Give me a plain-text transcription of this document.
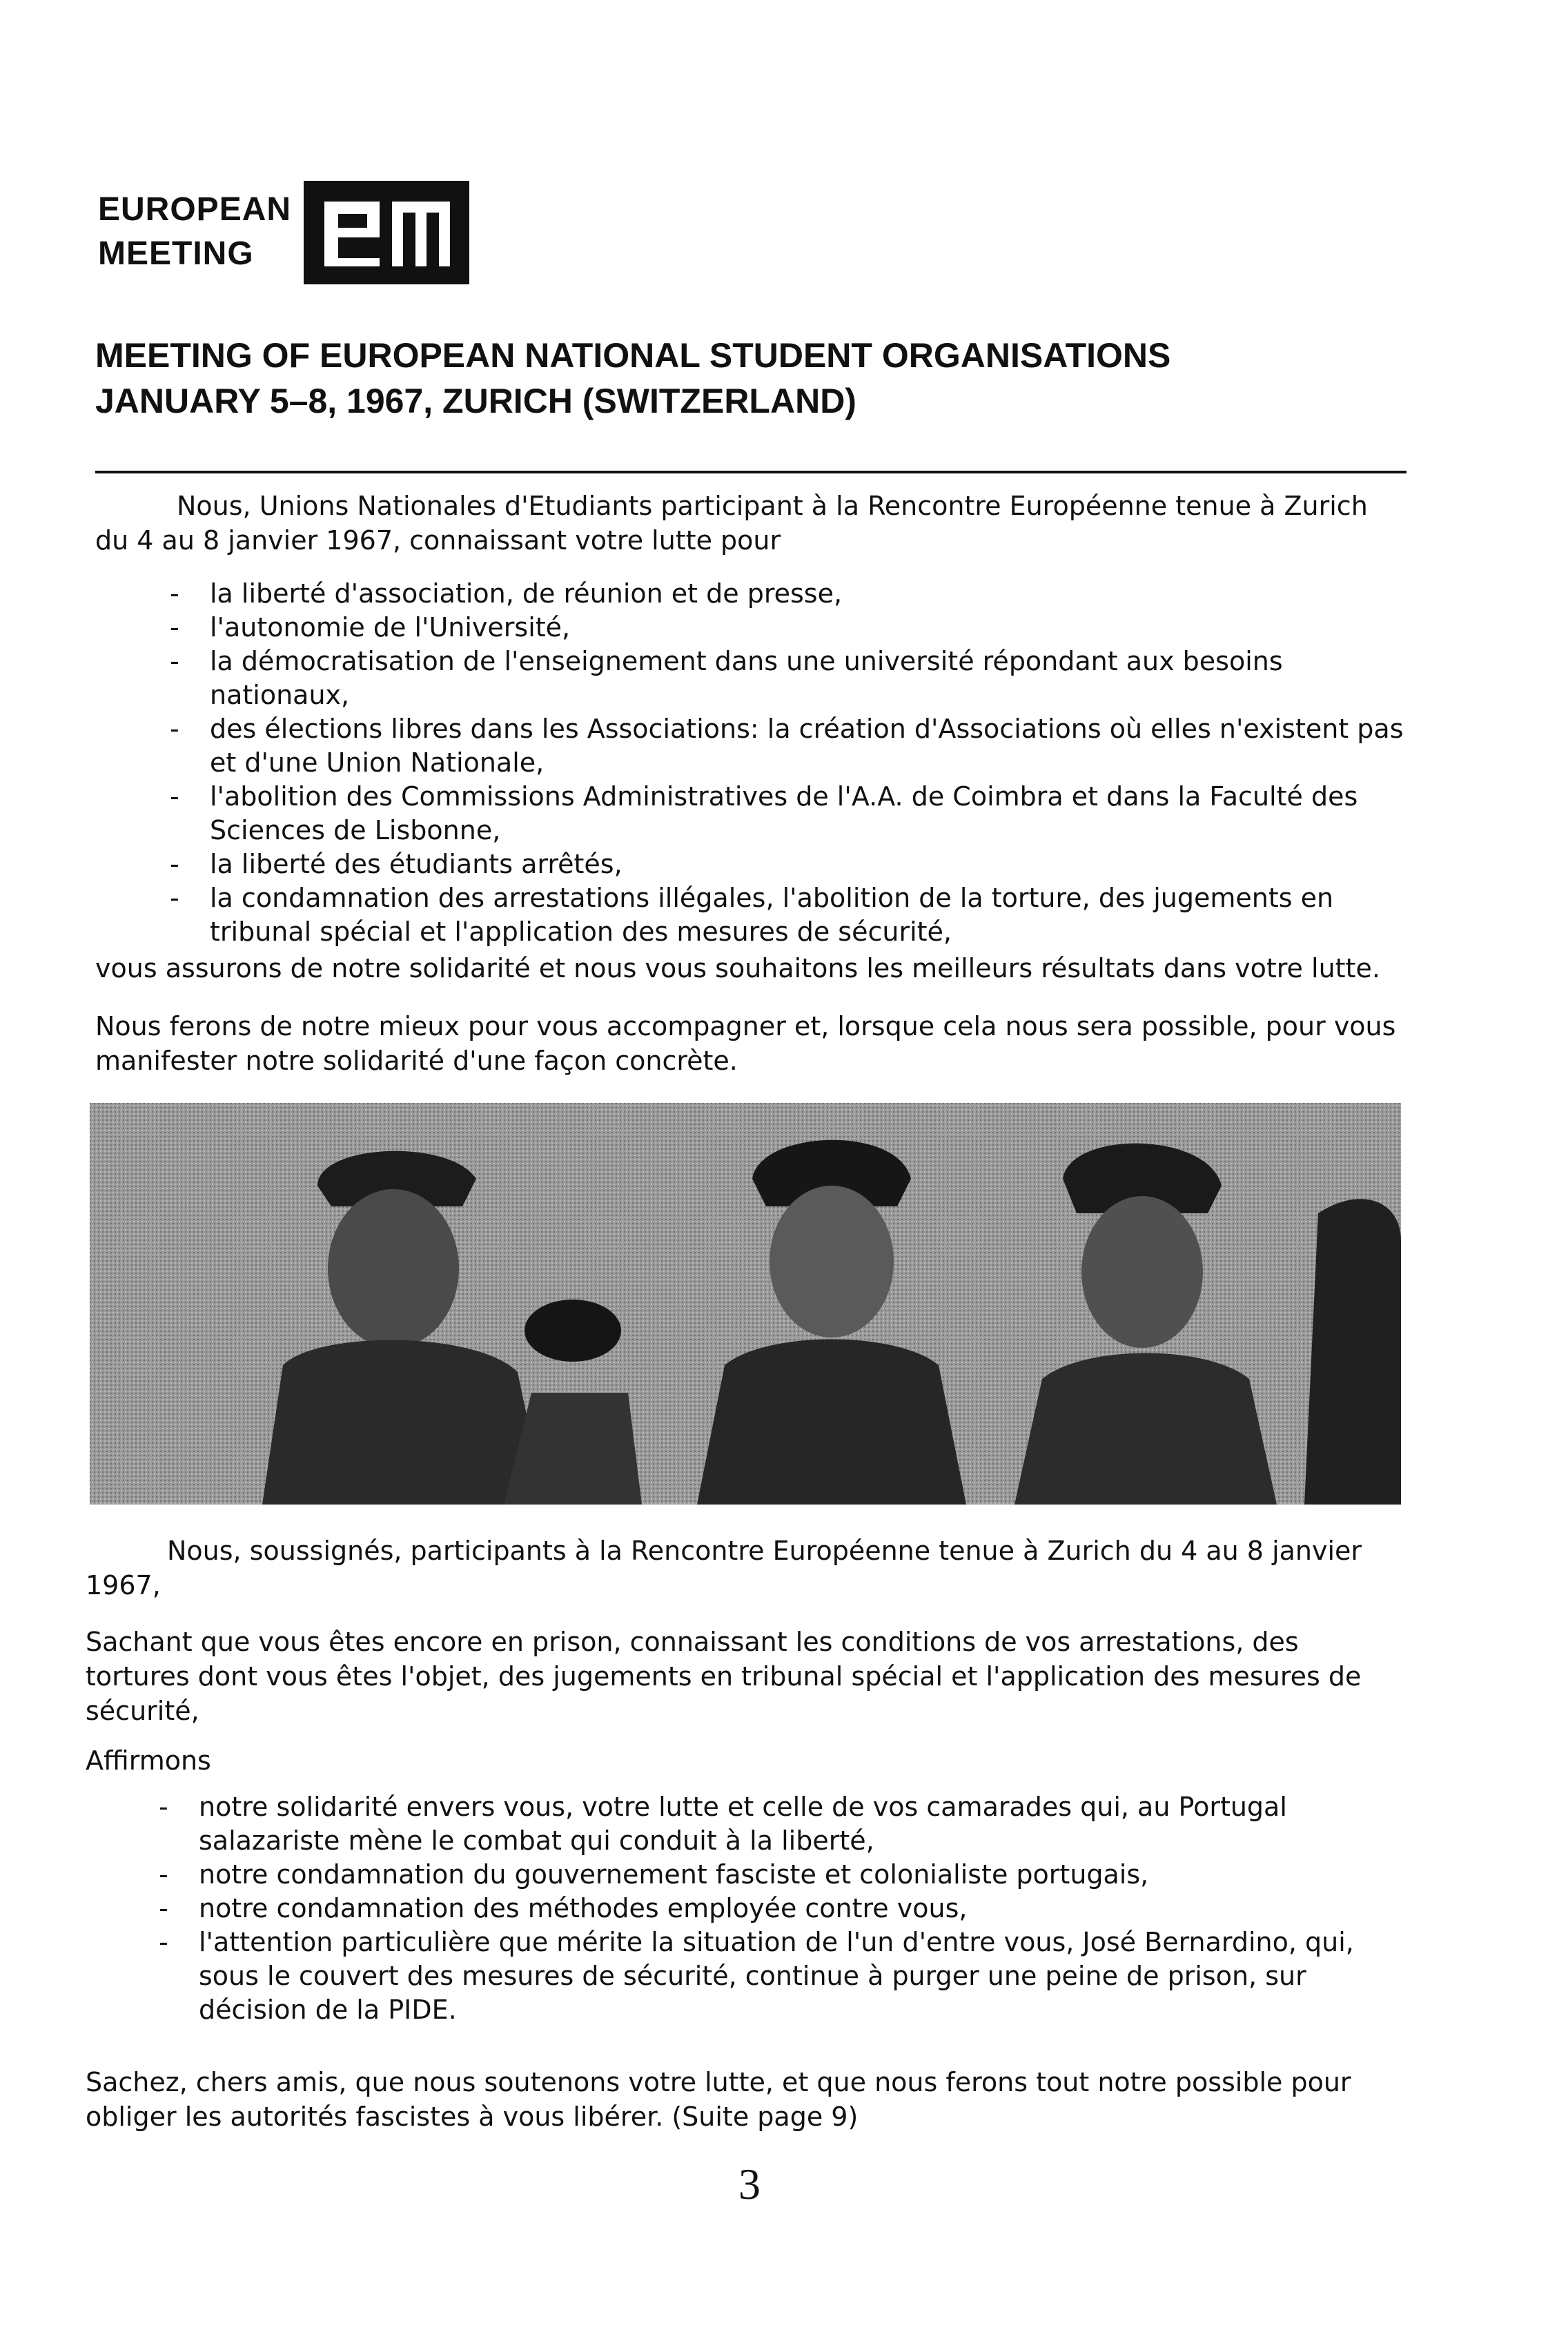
EUROPEAN
MEETING
MEETING OF EUROPEAN NATIONAL STUDENT ORGANISATIONS
JANUARY 5–8, 1967, ZURICH (SWITZERLAND)
Nous, Unions Nationales d'Etudiants participant à la Rencontre Européenne tenue à Zurich
du 4 au 8 janvier 1967, connaissant votre lutte pour
- la liberté d'association, de réunion et de presse,
- l'autonomie de l'Université,
- la démocratisation de l'enseignement dans une université répondant aux besoins nationaux,
- des élections libres dans les Associations: la création d'Associations où elles n'existent pas et d'une Union Nationale,
- l'abolition des Commissions Administratives de l'A.A. de Coimbra et dans la Faculté des Sciences de Lisbonne,
- la liberté des étudiants arrêtés,
- la condamnation des arrestations illégales, l'abolition de la torture, des jugements en tribunal spécial et l'application des mesures de sécurité,
vous assurons de notre solidarité et nous vous souhaitons les meilleurs résultats dans votre lutte.
Nous ferons de notre mieux pour vous accompagner et, lorsque cela nous sera possible, pour vous manifester notre solidarité d'une façon concrète.
Nous, soussignés, participants à la Rencontre Européenne tenue à Zurich du 4 au 8 janvier
1967,
Sachant que vous êtes encore en prison, connaissant les conditions de vos arrestations, des tortures dont vous êtes l'objet, des jugements en tribunal spécial et l'application des mesures de sécurité,
Affirmons
- notre solidarité envers vous, votre lutte et celle de vos camarades qui, au Portugal salazariste mène le combat qui conduit à la liberté,
- notre condamnation du gouvernement fasciste et colonialiste portugais,
- notre condamnation des méthodes employée contre vous,
- l'attention particulière que mérite la situation de l'un d'entre vous, José Bernardino, qui, sous le couvert des mesures de sécurité, continue à purger une peine de prison, sur décision de la PIDE.
Sachez, chers amis, que nous soutenons votre lutte, et que nous ferons tout notre possible pour obliger les autorités fascistes à vous libérer. (Suite page 9)
3
